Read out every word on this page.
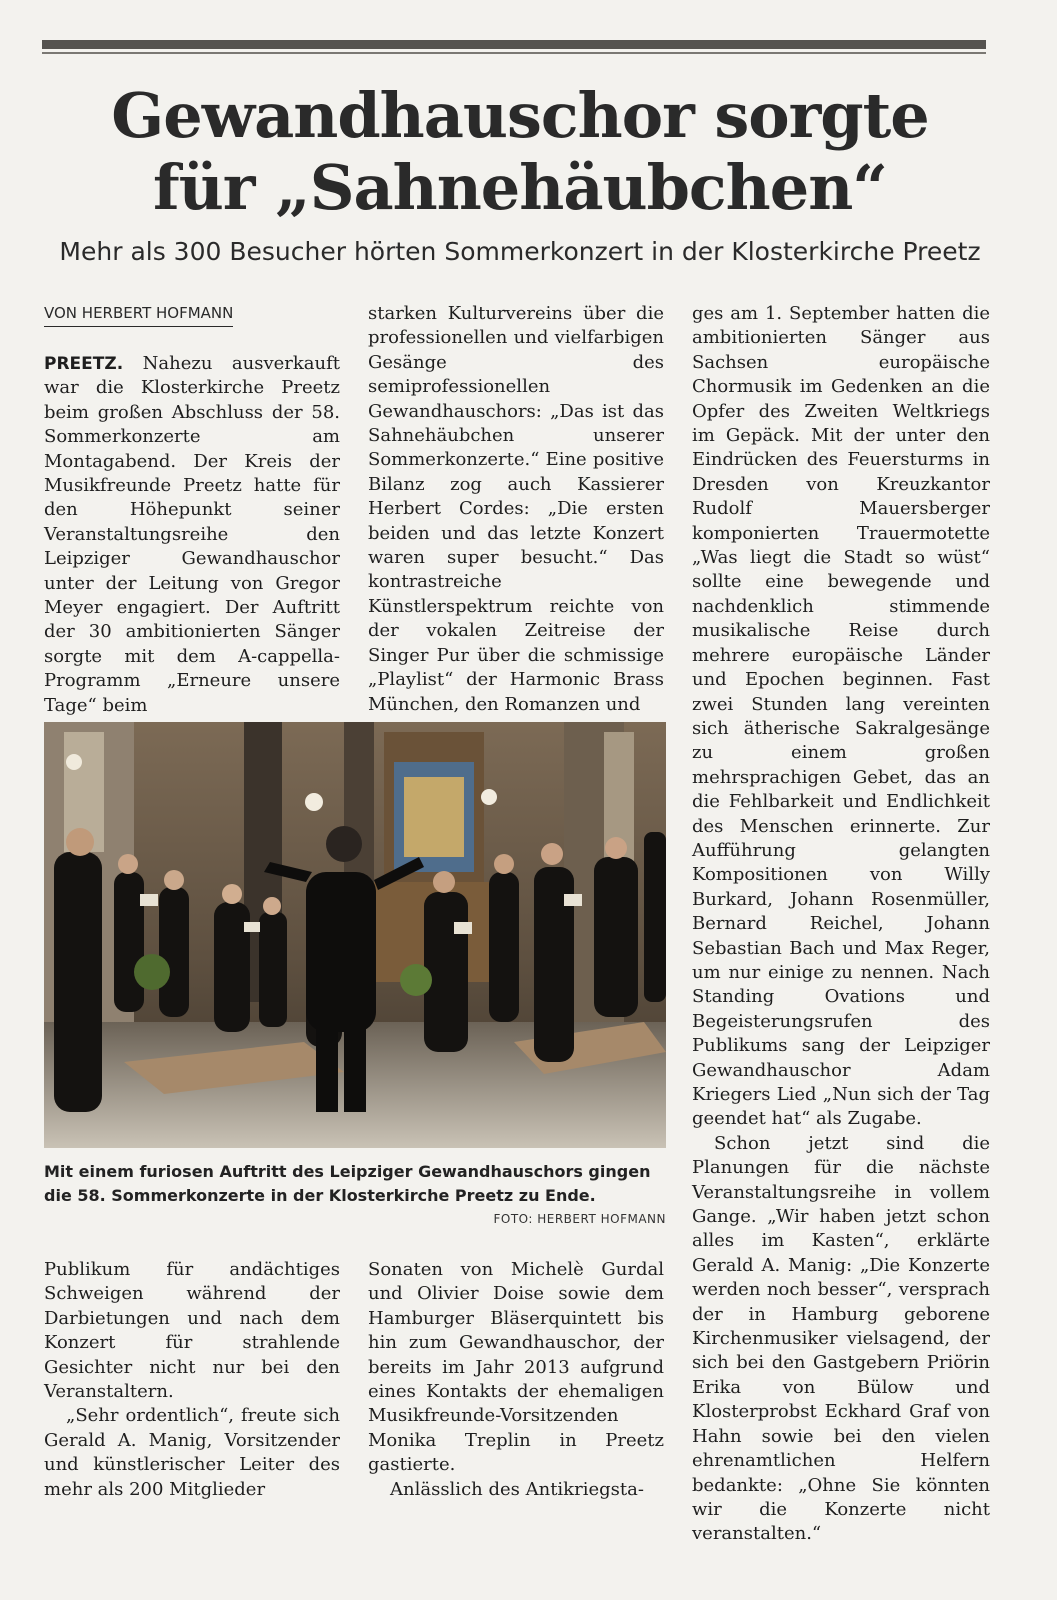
Gewandhauschor sorgte
für „Sahnehäubchen“
Mehr als 300 Besucher hörten Sommerkonzert in der Klosterkirche Preetz
VON HERBERT HOFMANN

PREETZ. Nahezu ausverkauft war die Klosterkirche Preetz beim großen Abschluss der 58. Sommerkonzerte am Montagabend. Der Kreis der Musikfreunde Preetz hatte für den Höhepunkt seiner Veranstaltungsreihe den Leipziger Gewandhauschor unter der Leitung von Gregor Meyer engagiert. Der Auftritt der 30 ambitionierten Sänger sorgte mit dem A-cappella-Programm „Erneure unsere Tage“ beim

starken Kulturvereins über die professionellen und vielfarbigen Gesänge des semiprofessionellen Gewandhauschors: „Das ist das Sahnehäubchen unserer Sommerkonzerte.“ Eine positive Bilanz zog auch Kassierer Herbert Cordes: „Die ersten beiden und das letzte Konzert waren super besucht.“ Das kontrastreiche Künstlerspektrum reichte von der vokalen Zeitreise der Singer Pur über die schmissige „Playlist“ der Harmonic Brass München, den Romanzen und

ges am 1. September hatten die ambitionierten Sänger aus Sachsen europäische Chormusik im Gedenken an die Opfer des Zweiten Weltkriegs im Gepäck. Mit der unter den Eindrücken des Feuersturms in Dresden von Kreuzkantor Rudolf Mauersberger komponierten Trauermotette „Was liegt die Stadt so wüst“ sollte eine bewegende und nachdenklich stimmende musikalische Reise durch mehrere europäische Länder und Epochen beginnen. Fast zwei Stunden lang vereinten sich ätherische Sakralgesänge zu einem großen mehrsprachigen Gebet, das an die Fehlbarkeit und Endlichkeit des Menschen erinnerte. Zur Aufführung gelangten Kompositionen von Willy Burkard, Johann Rosenmüller, Bernard Reichel, Johann Sebastian Bach und Max Reger, um nur einige zu nennen. Nach Standing Ovations und Begeisterungsrufen des Publikums sang der Leipziger Gewandhauschor Adam Kriegers Lied „Nun sich der Tag geendet hat“ als Zugabe.

Schon jetzt sind die Planungen für die nächste Veranstaltungsreihe in vollem Gange. „Wir haben jetzt schon alles im Kasten“, erklärte Gerald A. Manig: „Die Konzerte werden noch besser“, versprach der in Hamburg geborene Kirchenmusiker vielsagend, der sich bei den Gastgebern Priörin Erika von Bülow und Klosterprobst Eckhard Graf von Hahn sowie bei den vielen ehrenamtlichen Helfern bedankte: „Ohne Sie könnten wir die Konzerte nicht veranstalten.“

Mit einem furiosen Auftritt des Leipziger Gewandhauschors gingen die 58. Sommerkonzerte in der Klosterkirche Preetz zu Ende.
FOTO: HERBERT HOFMANN

Publikum für andächtiges Schweigen während der Darbietungen und nach dem Konzert für strahlende Gesichter nicht nur bei den Veranstaltern.

„Sehr ordentlich“, freute sich Gerald A. Manig, Vorsitzender und künstlerischer Leiter des mehr als 200 Mitglieder

Sonaten von Michelè Gurdal und Olivier Doise sowie dem Hamburger Bläserquintett bis hin zum Gewandhauschor, der bereits im Jahr 2013 aufgrund eines Kontakts der ehemaligen Musikfreunde-Vorsitzenden Monika Treplin in Preetz gastierte.

Anlässlich des Antikriegsta-
